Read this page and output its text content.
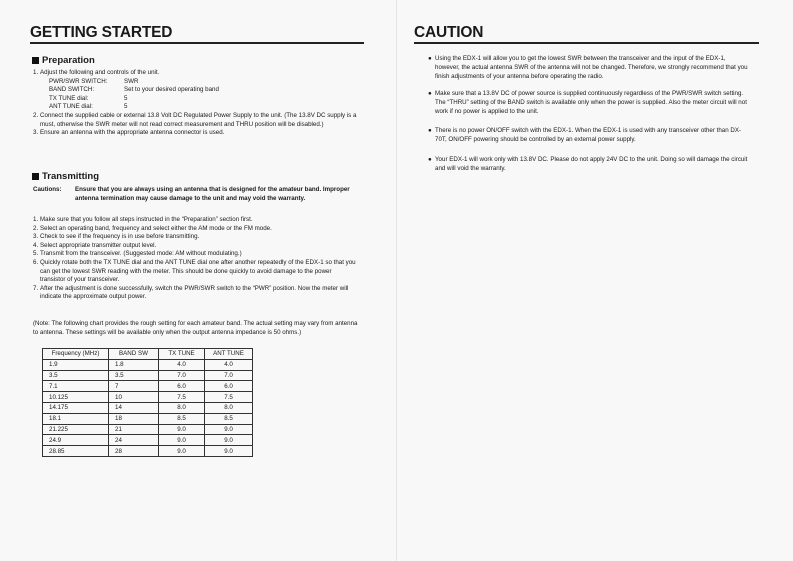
GETTING STARTED
Preparation
1. Adjust the following and controls of the unit.
PWR/SWR SWITCH:	SWR
BAND SWITCH:	Set to your desired operating band
TX TUNE dial:	5
ANT TUNE dial:	5
2. Connect the supplied cable or external 13.8 Volt DC Regulated Power Supply to the unit. (The 13.8V DC supply is a must, otherwise the SWR meter will not read correct measurement and THRU position will be disabled.)
3. Ensure an antenna with the appropriate antenna connector is used.
Transmitting
Cautions:	Ensure that you are always using an antenna that is designed for the amateur band. Improper antenna termination may cause damage to the unit and may void the warranty.
1. Make sure that you follow all steps instructed in the “Preparation” section first.
2. Select an operating band, frequency and select either the AM mode or the FM mode.
3. Check to see if the frequency is in use before transmitting.
4. Select appropriate transmitter output level.
5. Transmit from the transceiver. (Suggested mode: AM without modulating.)
6. Quickly rotate both the TX TUNE dial and the ANT TUNE dial one after another repeatedly of the EDX-1 so that you can get the lowest SWR reading with the meter. This should be done quickly to avoid damage to the power transistor of your transceiver.
7. After the adjustment is done successfully, switch the PWR/SWR switch to the “PWR” position. Now the meter will indicate the approximate output power.
(Note: The following chart provides the rough setting for each amateur band. The actual setting may vary from antenna to antenna. These settings will be available only when the output antenna impedance is 50 ohms.)
Frequency (MHz)	BAND SW	TX TUNE	ANT TUNE
1.9	1.8	4.0	4.0
3.5	3.5	7.0	7.0
7.1	7	6.0	6.0
10.125	10	7.5	7.5
14.175	14	8.0	8.0
18.1	18	8.5	8.5
21.225	21	9.0	9.0
24.9	24	9.0	9.0
28.85	28	9.0	9.0
CAUTION
● Using the EDX-1 will allow you to get the lowest SWR between the transceiver and the input of the EDX-1, however, the actual antenna SWR of the antenna will not be changed. Therefore, we strongly recommend that you finish adjustments of your antenna before operating the radio.
● Make sure that a 13.8V DC of power source is supplied continuously regardless of the PWR/SWR switch setting. The “THRU” setting of the BAND switch is available only when the power is supplied. Also the meter circuit will not work if no power is applied to the unit.
● There is no power ON/OFF switch with the EDX-1. When the EDX-1 is used with any transceiver other than DX-70T, ON/OFF powering should be controlled by an external power supply.
● Your EDX-1 will work only with 13.8V DC. Please do not apply 24V DC to the unit. Doing so will damage the circuit and will void the warranty.
